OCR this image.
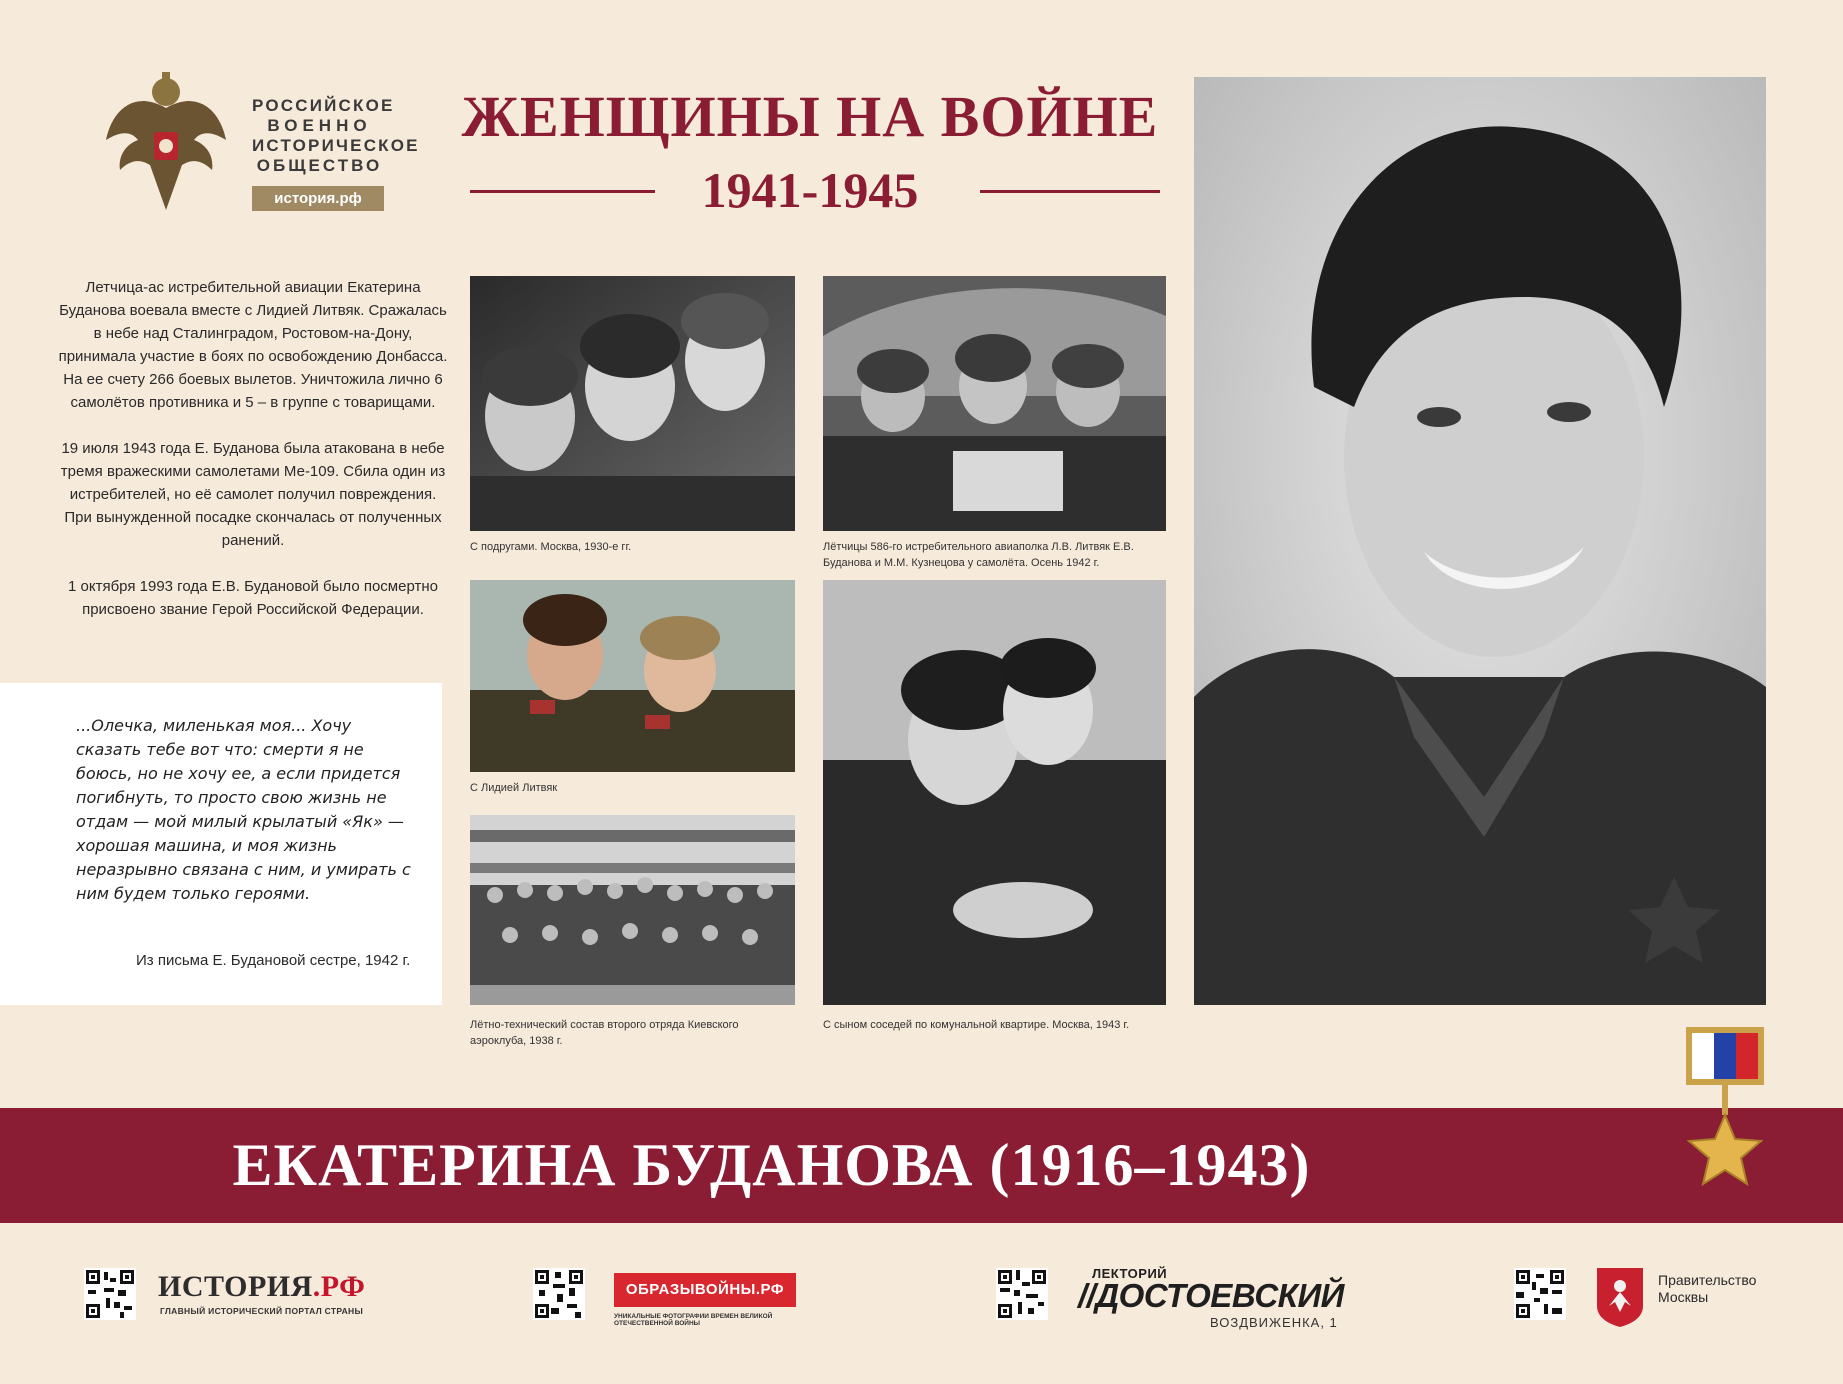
РОССИЙСКОЕ
ВОЕННО
ИСТОРИЧЕСКОЕ
ОБЩЕСТВО
история.рф
ЖЕНЩИНЫ НА ВОЙНЕ
1941-1945

Летчица-ас истребительной авиации Екатерина Буданова воевала вместе с Лидией Литвяк. Сражалась в небе над Сталинградом, Ростовом-на-Дону, принимала участие в боях по освобождению Донбасса. На ее счету 266 боевых вылетов. Уничтожила лично 6 самолётов противника и 5 – в группе с товарищами.

19 июля 1943 года Е. Буданова была атакована в небе тремя вражескими самолетами Ме-109. Сбила один из истребителей, но её самолет получил повреждения. При вынужденной посадке скончалась от полученных ранений.

1 октября 1993 года Е.В. Будановой было посмертно присвоено звание Герой Российской Федерации.

...Олечка, миленькая моя... Хочу сказать тебе вот что: смерти я не боюсь, но не хочу ее, а если придется погибнуть, то просто свою жизнь не отдам — мой милый крылатый «Як» — хорошая машина, и моя жизнь неразрывно связана с ним, и умирать с ним будем только героями.
Из письма Е. Будановой сестре, 1942 г.
С подругами. Москва, 1930-е гг.	Лётчицы 586-го истребительного авиаполка Л.В. Литвяк Е.В. Буданова и М.М. Кузнецова у самолёта. Осень 1942 г.
С Лидией Литвяк
С сыном соседей по комунальной квартире. Москва, 1943 г.
Лётно-технический состав второго отряда Киевского аэроклуба, 1938 г.
ЕКАТЕРИНА БУДАНОВА (1916–1943)
ИСТОРИЯ.РФ
ГЛАВНЫЙ ИСТОРИЧЕСКИЙ ПОРТАЛ СТРАНЫ
ОБРАЗЫВОЙНЫ.РФ
УНИКАЛЬНЫЕ ФОТОГРАФИИ ВРЕМЕН ВЕЛИКОЙ ОТЕЧЕСТВЕННОЙ ВОЙНЫ
ЛЕКТОРИЙ
//ДОСТОЕВСКИЙ
ВОЗДВИЖЕНКА, 1
Правительство Москвы
